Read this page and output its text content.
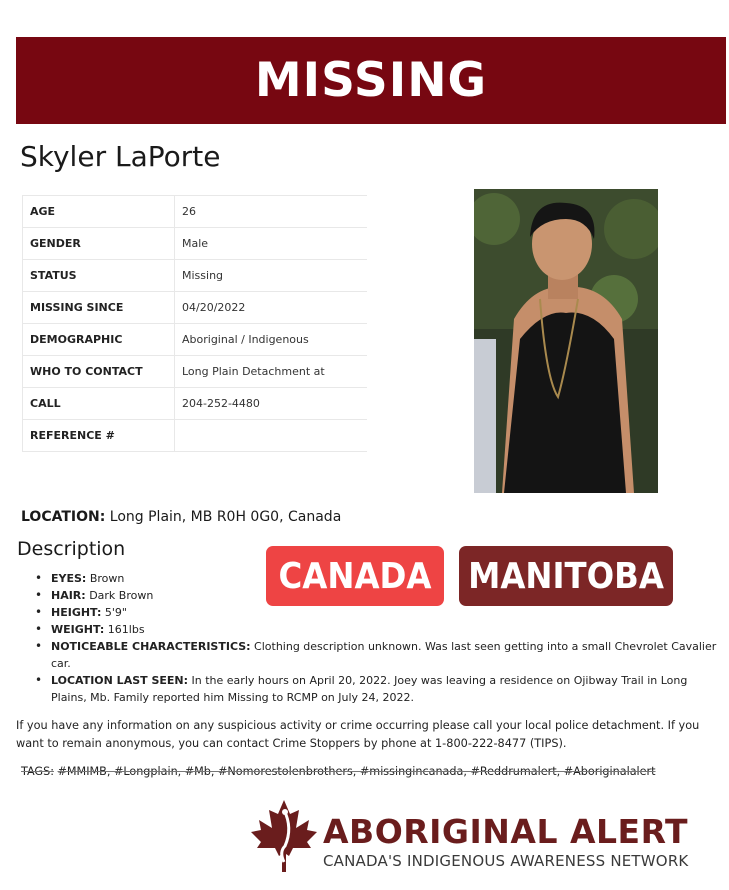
MISSING
Skyler LaPorte
AGE	26
GENDER	Male
STATUS	Missing
MISSING SINCE	04/20/2022
DEMOGRAPHIC	Aboriginal / Indigenous
WHO TO CONTACT	Long Plain Detachment at
CALL	204-252-4480
REFERENCE #	
LOCATION: Long Plain, MB R0H 0G0, Canada
Description
CANADA	MANITOBA
• EYES: Brown
• HAIR: Dark Brown
• HEIGHT: 5'9"
• WEIGHT: 161lbs
• NOTICEABLE CHARACTERISTICS: Clothing description unknown. Was last seen getting into a small Chevrolet Cavalier car.
• LOCATION LAST SEEN: In the early hours on April 20, 2022. Joey was leaving a residence on Ojibway Trail in Long Plains, Mb. Family reported him Missing to RCMP on July 24, 2022.
If you have any information on any suspicious activity or crime occurring please call your local police detachment. If you want to remain anonymous, you can contact Crime Stoppers by phone at 1-800-222-8477 (TIPS).
TAGS: #MMIMB, #Longplain, #Mb, #Nomorestolenbrothers, #missingincanada, #Reddrumalert, #Aboriginalalert
ABORIGINAL ALERT
CANADA'S INDIGENOUS AWARENESS NETWORK
